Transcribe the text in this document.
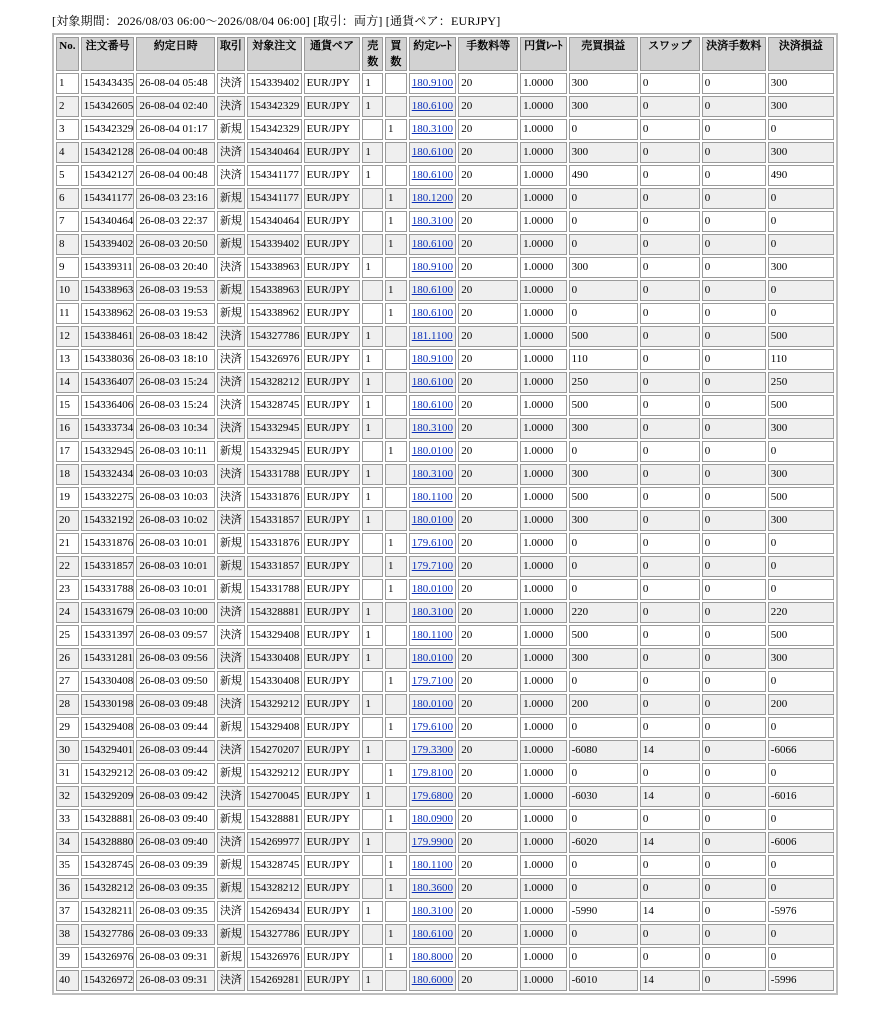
[対象期間：2026/08/03 06:00〜2026/08/04 06:00] [取引：両方] [通貨ペア：EURJPY]
No.	注文番号	約定日時	取引	対象注文	通貨ペア	売数	買数	約定ﾚｰﾄ	手数料等	円貨ﾚｰﾄ	売買損益	スワップ	決済手数料	決済損益
1	154343435	26-08-04 05:48	決済	154339402	EUR/JPY	1		180.9100	20	1.0000	300	0	0	300
2	154342605	26-08-04 02:40	決済	154342329	EUR/JPY	1		180.6100	20	1.0000	300	0	0	300
3	154342329	26-08-04 01:17	新規	154342329	EUR/JPY		1	180.3100	20	1.0000	0	0	0	0
4	154342128	26-08-04 00:48	決済	154340464	EUR/JPY	1		180.6100	20	1.0000	300	0	0	300
5	154342127	26-08-04 00:48	決済	154341177	EUR/JPY	1		180.6100	20	1.0000	490	0	0	490
6	154341177	26-08-03 23:16	新規	154341177	EUR/JPY		1	180.1200	20	1.0000	0	0	0	0
7	154340464	26-08-03 22:37	新規	154340464	EUR/JPY		1	180.3100	20	1.0000	0	0	0	0
8	154339402	26-08-03 20:50	新規	154339402	EUR/JPY		1	180.6100	20	1.0000	0	0	0	0
9	154339311	26-08-03 20:40	決済	154338963	EUR/JPY	1		180.9100	20	1.0000	300	0	0	300
10	154338963	26-08-03 19:53	新規	154338963	EUR/JPY		1	180.6100	20	1.0000	0	0	0	0
11	154338962	26-08-03 19:53	新規	154338962	EUR/JPY		1	180.6100	20	1.0000	0	0	0	0
12	154338461	26-08-03 18:42	決済	154327786	EUR/JPY	1		181.1100	20	1.0000	500	0	0	500
13	154338036	26-08-03 18:10	決済	154326976	EUR/JPY	1		180.9100	20	1.0000	110	0	0	110
14	154336407	26-08-03 15:24	決済	154328212	EUR/JPY	1		180.6100	20	1.0000	250	0	0	250
15	154336406	26-08-03 15:24	決済	154328745	EUR/JPY	1		180.6100	20	1.0000	500	0	0	500
16	154333734	26-08-03 10:34	決済	154332945	EUR/JPY	1		180.3100	20	1.0000	300	0	0	300
17	154332945	26-08-03 10:11	新規	154332945	EUR/JPY		1	180.0100	20	1.0000	0	0	0	0
18	154332434	26-08-03 10:03	決済	154331788	EUR/JPY	1		180.3100	20	1.0000	300	0	0	300
19	154332275	26-08-03 10:03	決済	154331876	EUR/JPY	1		180.1100	20	1.0000	500	0	0	500
20	154332192	26-08-03 10:02	決済	154331857	EUR/JPY	1		180.0100	20	1.0000	300	0	0	300
21	154331876	26-08-03 10:01	新規	154331876	EUR/JPY		1	179.6100	20	1.0000	0	0	0	0
22	154331857	26-08-03 10:01	新規	154331857	EUR/JPY		1	179.7100	20	1.0000	0	0	0	0
23	154331788	26-08-03 10:01	新規	154331788	EUR/JPY		1	180.0100	20	1.0000	0	0	0	0
24	154331679	26-08-03 10:00	決済	154328881	EUR/JPY	1		180.3100	20	1.0000	220	0	0	220
25	154331397	26-08-03 09:57	決済	154329408	EUR/JPY	1		180.1100	20	1.0000	500	0	0	500
26	154331281	26-08-03 09:56	決済	154330408	EUR/JPY	1		180.0100	20	1.0000	300	0	0	300
27	154330408	26-08-03 09:50	新規	154330408	EUR/JPY		1	179.7100	20	1.0000	0	0	0	0
28	154330198	26-08-03 09:48	決済	154329212	EUR/JPY	1		180.0100	20	1.0000	200	0	0	200
29	154329408	26-08-03 09:44	新規	154329408	EUR/JPY		1	179.6100	20	1.0000	0	0	0	0
30	154329401	26-08-03 09:44	決済	154270207	EUR/JPY	1		179.3300	20	1.0000	-6080	14	0	-6066
31	154329212	26-08-03 09:42	新規	154329212	EUR/JPY		1	179.8100	20	1.0000	0	0	0	0
32	154329209	26-08-03 09:42	決済	154270045	EUR/JPY	1		179.6800	20	1.0000	-6030	14	0	-6016
33	154328881	26-08-03 09:40	新規	154328881	EUR/JPY		1	180.0900	20	1.0000	0	0	0	0
34	154328880	26-08-03 09:40	決済	154269977	EUR/JPY	1		179.9900	20	1.0000	-6020	14	0	-6006
35	154328745	26-08-03 09:39	新規	154328745	EUR/JPY		1	180.1100	20	1.0000	0	0	0	0
36	154328212	26-08-03 09:35	新規	154328212	EUR/JPY		1	180.3600	20	1.0000	0	0	0	0
37	154328211	26-08-03 09:35	決済	154269434	EUR/JPY	1		180.3100	20	1.0000	-5990	14	0	-5976
38	154327786	26-08-03 09:33	新規	154327786	EUR/JPY		1	180.6100	20	1.0000	0	0	0	0
39	154326976	26-08-03 09:31	新規	154326976	EUR/JPY		1	180.8000	20	1.0000	0	0	0	0
40	154326972	26-08-03 09:31	決済	154269281	EUR/JPY	1		180.6000	20	1.0000	-6010	14	0	-5996
